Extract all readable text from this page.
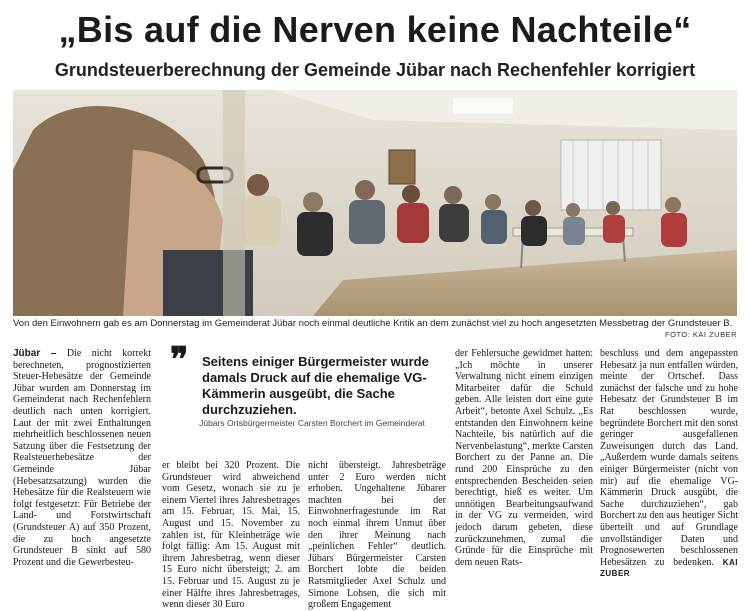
„Bis auf die Nerven keine Nachteile“
Grundsteuerberechnung der Gemeinde Jübar nach Rechenfehler korrigiert
Von den Einwohnern gab es am Donnerstag im Gemeinderat Jübar noch einmal deutliche Kritik an dem zunächst viel zu hoch angesetzten Messbetrag der Grundsteuer B.
FOTO: KAI ZUBER

Jübar – Die nicht korrekt berechneten, prognostizierten Steuer-Hebesätze der Gemeinde Jübar wurden am Donnerstag im Gemeinderat nach Rechenfehlern deutlich nach unten korrigiert. Laut der mit zwei Enthaltungen mehrheitlich beschlossenen neuen Satzung über die Festsetzung der Realsteuerhebesätze der Gemeinde Jübar (Hebesatzsatzung) wurden die Hebesätze für die Realsteuern wie folgt festgesetzt: Für Betriebe der Land- und Forstwirtschaft (Grundsteuer A) auf 350 Prozent, die zu hoch angesetzte Grundsteuer B sinkt auf 580 Prozent und die Gewerbesteu-

❞ Seitens einiger Bürgermeister wurde damals Druck auf die ehemalige VG-Kämmerin ausgeübt, die Sache durchzuziehen.
Jübars Ortsbürgermeister Carsten Borchert im Gemeinderat

er bleibt bei 320 Prozent. Die Grundsteuer wird abweichend vom Gesetz, wonach sie zu je einem Viertel ihres Jahresbetrages am 15. Februar, 15. Mai, 15. August und 15. November zu zahlen ist, für Kleinbeträge wie folgt fällig: Am 15. August mit ihrem Jahresbetrag, wenn dieser 15 Euro nicht übersteigt; 2. am 15. Februar und 15. August zu je einer Hälfte ihres Jahresbetrages, wenn dieser 30 Euro

nicht übersteigt. Jahresbeträge unter 2 Euro werden nicht erhoben. Ungehaltene Jübarer machten bei der Einwohnerfragestunde im Rat noch einmal ihrem Unmut über den ihrer Meinung nach „peinlichen Fehler“ deutlich. Jübars Bürgermeister Carsten Borchert lobte die beiden Ratsmitglieder Axel Schulz und Simone Lohsen, die sich mit großem Engagement

der Fehlersuche gewidmet hatten: „Ich möchte in unserer Verwaltung nicht einem einzigen Mitarbeiter dafür die Schuld geben. Alle leisten dort eine gute Arbeit“, betonte Axel Schulz. „Es entstanden den Einwohnern keine Nachteile, bis natürlich auf die Nervenbelastung“, merkte Carsten Borchert zu der Panne an. Die rund 200 Einsprüche zu den entsprechenden Bescheiden seien berechtigt, hieß es weiter. Um unnötigen Bearbeitungsaufwand in der VG zu vermeiden, wird jedoch darum gebeten, diese zurückzunehmen, zumal die Gründe für die Einsprüche mit dem neuen Rats-

beschluss und dem angepassten Hebesatz ja nun entfallen würden, meinte der Ortschef. Dass zunächst der falsche und zu hohe Hebesatz der Grundsteuer B im Rat beschlossen wurde, begründete Borchert mit den sonst geringer ausgefallenen Zuweisungen durch das Land. „Außerdem wurde damals seitens einiger Bürgermeister (nicht von mir) auf die ehemalige VG-Kämmerin Druck ausgübt, die Sache durchzuziehen“, gab Borchert zu den aus heutiger Sicht überteilt und auf Grundlage unvollständiger Daten und Prognosewerten beschlossenen Hebesätzen zu bedenken. KAI ZUBER
